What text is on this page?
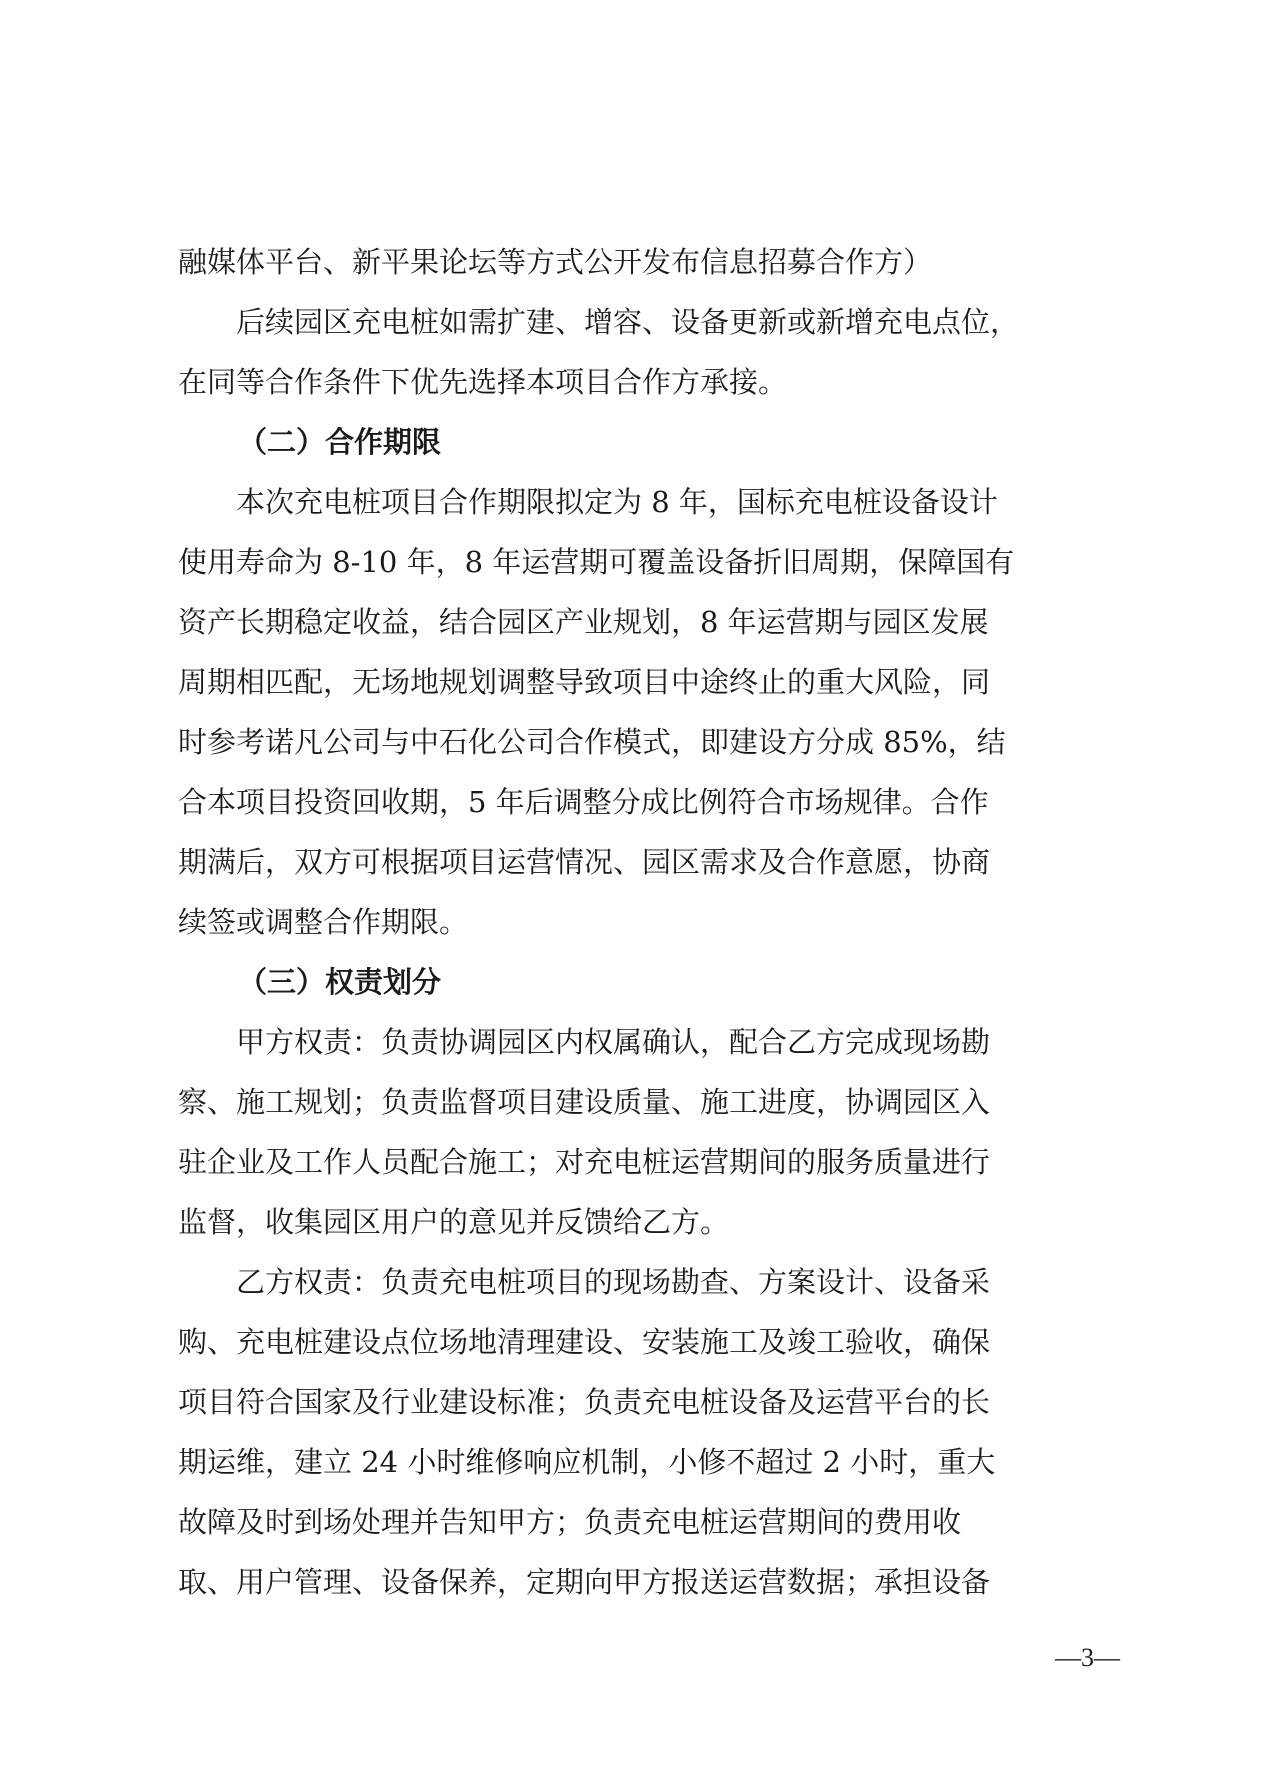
融媒体平台、新平果论坛等方式公开发布信息招募合作方）
　　后续园区充电桩如需扩建、增容、设备更新或新增充电点位，
在同等合作条件下优先选择本项目合作方承接。
（二）合作期限
　　本次充电桩项目合作期限拟定为 8 年，国标充电桩设备设计
使用寿命为 8-10 年，8 年运营期可覆盖设备折旧周期，保障国有
资产长期稳定收益，结合园区产业规划，8 年运营期与园区发展
周期相匹配，无场地规划调整导致项目中途终止的重大风险，同
时参考诺凡公司与中石化公司合作模式，即建设方分成 85%，结
合本项目投资回收期，5 年后调整分成比例符合市场规律。合作
期满后，双方可根据项目运营情况、园区需求及合作意愿，协商
续签或调整合作期限。
（三）权责划分
　　甲方权责：负责协调园区内权属确认，配合乙方完成现场勘
察、施工规划；负责监督项目建设质量、施工进度，协调园区入
驻企业及工作人员配合施工；对充电桩运营期间的服务质量进行
监督，收集园区用户的意见并反馈给乙方。
　　乙方权责：负责充电桩项目的现场勘查、方案设计、设备采
购、充电桩建设点位场地清理建设、安装施工及竣工验收，确保
项目符合国家及行业建设标准；负责充电桩设备及运营平台的长
期运维，建立 24 小时维修响应机制，小修不超过 2 小时，重大
故障及时到场处理并告知甲方；负责充电桩运营期间的费用收
取、用户管理、设备保养，定期向甲方报送运营数据；承担设备
—3—
